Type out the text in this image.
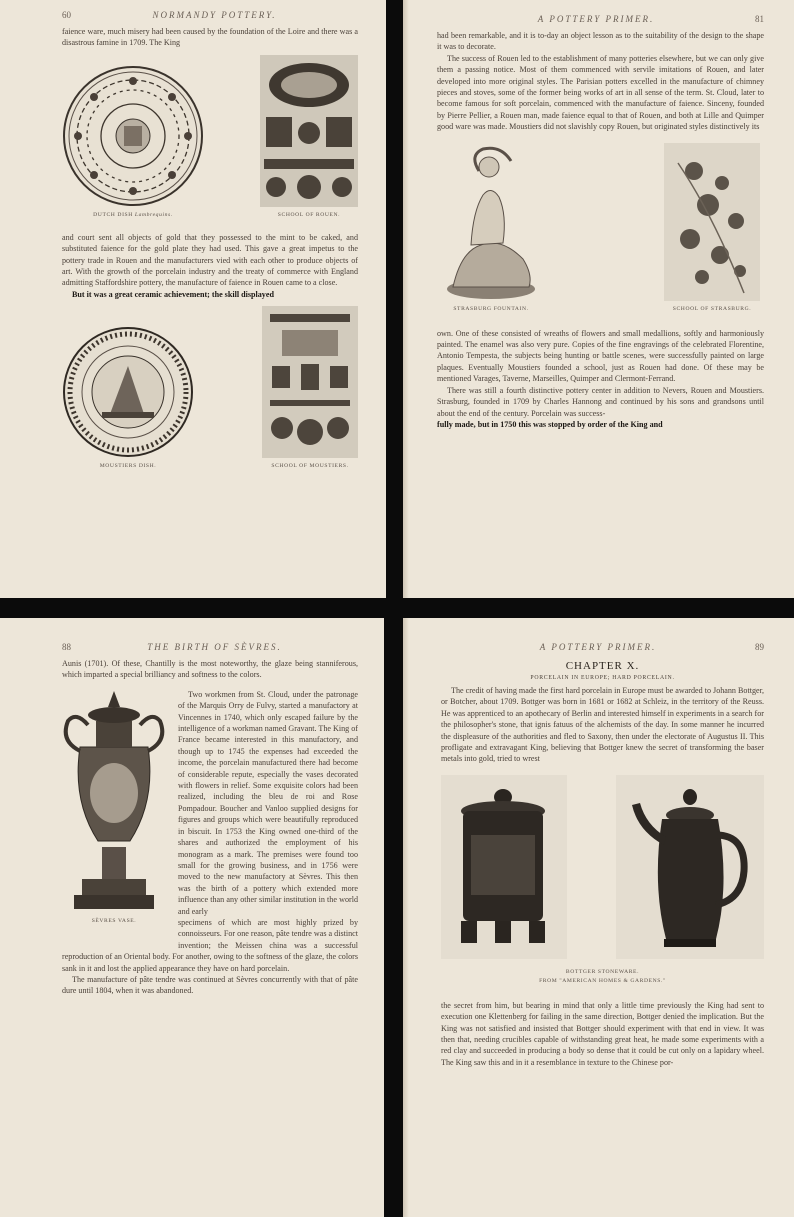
60	NORMANDY POTTERY.

faience ware, much misery had been caused by the foundation of the Loire and there was a disastrous famine in 1709. The King

DUTCH DISH Lambrequins.	SCHOOL OF ROUEN.

and court sent all objects of gold that they possessed to the mint to be caked, and substituted faience for the gold plate they had used. This gave a great impetus to the pottery trade in Rouen and the manufacturers vied with each other to produce objects of art. With the growth of the porcelain industry and the treaty of commerce with England admitting Staffordshire pottery, the manufacture of faience in Rouen came to a close.

But it was a great ceramic achievement; the skill displayed

MOUSTIERS DISH.	SCHOOL OF MOUSTIERS.
A POTTERY PRIMER.	81

had been remarkable, and it is to-day an object lesson as to the suitability of the design to the shape it was to decorate.

The success of Rouen led to the establishment of many potteries elsewhere, but we can only give them a passing notice. Most of them commenced with servile imitations of Rouen, and later developed into more original styles. The Parisian potters excelled in the manufacture of chimney pieces and stoves, some of the former being works of art in all sense of the term. St. Cloud, later to become famous for soft porcelain, commenced with the manufacture of faience. Sinceny, founded by Pierre Pellier, a Rouen man, made faience equal to that of Rouen, and both at Lille and Quimper good ware was made. Moustiers did not slavishly copy Rouen, but originated styles distinctively its

STRASBURG FOUNTAIN.	SCHOOL OF STRASBURG.

own. One of these consisted of wreaths of flowers and small medallions, softly and harmoniously painted. The enamel was also very pure. Copies of the fine engravings of the celebrated Florentine, Antonio Tempesta, the subjects being hunting or battle scenes, were successfully painted on large plaques. Eventually Moustiers founded a school, just as Rouen had done. Of these may be mentioned Varages, Taverne, Marseilles, Quimper and Clermont-Ferrand.

There was still a fourth distinctive pottery center in addition to Nevers, Rouen and Moustiers. Strasburg, founded in 1709 by Charles Hannong and continued by his sons and grandsons until about the end of the century. Porcelain was success-

fully made, but in 1750 this was stopped by order of the King and

88	THE BIRTH OF SÈVRES.

Aunis (1701). Of these, Chantilly is the most noteworthy, the glaze being stanniferous, which imparted a special brilliancy and softness to the colors.

SÈVRES VASE.

Two workmen from St. Cloud, under the patronage of the Marquis Orry de Fulvy, started a manufactory at Vincennes in 1740, which only escaped failure by the intelligence of a workman named Gravant. The King of France became interested in this manufactory, and though up to 1745 the expenses had exceeded the income, the porcelain manufactured there had become of considerable repute, especially the vases decorated with flowers in relief. Some exquisite colors had been realized, including the bleu de roi and Rose Pompadour. Boucher and Vanloo supplied designs for figures and groups which were beautifully reproduced in biscuit. In 1753 the King owned one-third of the shares and authorized the employment of his monogram as a mark. The premises were found too small for the growing business, and in 1756 were moved to the new manufactory at Sèvres. This then was the birth of a pottery which extended more influence than any other similar institution in the world and early

specimens of which are most highly prized by connoisseurs. For one reason, pâte tendre was a distinct invention; the Meissen china was a successful reproduction of an Oriental body. For another, owing to the softness of the glaze, the colors sank in it and lost the applied appearance they have on hard porcelain.

The manufacture of pâte tendre was continued at Sèvres concurrently with that of pâte dure until 1804, when it was abandoned.

A POTTERY PRIMER.	89
CHAPTER X.
PORCELAIN IN EUROPE; HARD PORCELAIN.

The credit of having made the first hard porcelain in Europe must be awarded to Johann Bottger, or Botcher, about 1709. Bottger was born in 1681 or 1682 at Schleiz, in the territory of the Reuss. He was apprenticed to an apothecary of Berlin and interested himself in experiments in a search for the philosopher's stone, that ignis fatuus of the alchemists of the day. In some manner he incurred the displeasure of the authorities and fled to Saxony, then under the electorate of Augustus II. This profligate and extravagant King, believing that Bottger knew the secret of transforming the baser metals into gold, tried to wrest

BOTTGER STONEWARE.
FROM "AMERICAN HOMES & GARDENS."

the secret from him, but bearing in mind that only a little time previously the King had sent to execution one Klettenberg for failing in the same direction, Bottger denied the implication. But the King was not satisfied and insisted that Bottger should experiment with that end in view. It was then that, needing crucibles capable of withstanding great heat, he made some experiments with a red clay and succeeded in producing a body so dense that it could be cut only on a lapidary wheel. The King saw this and in it a resemblance in texture to the Chinese por-
